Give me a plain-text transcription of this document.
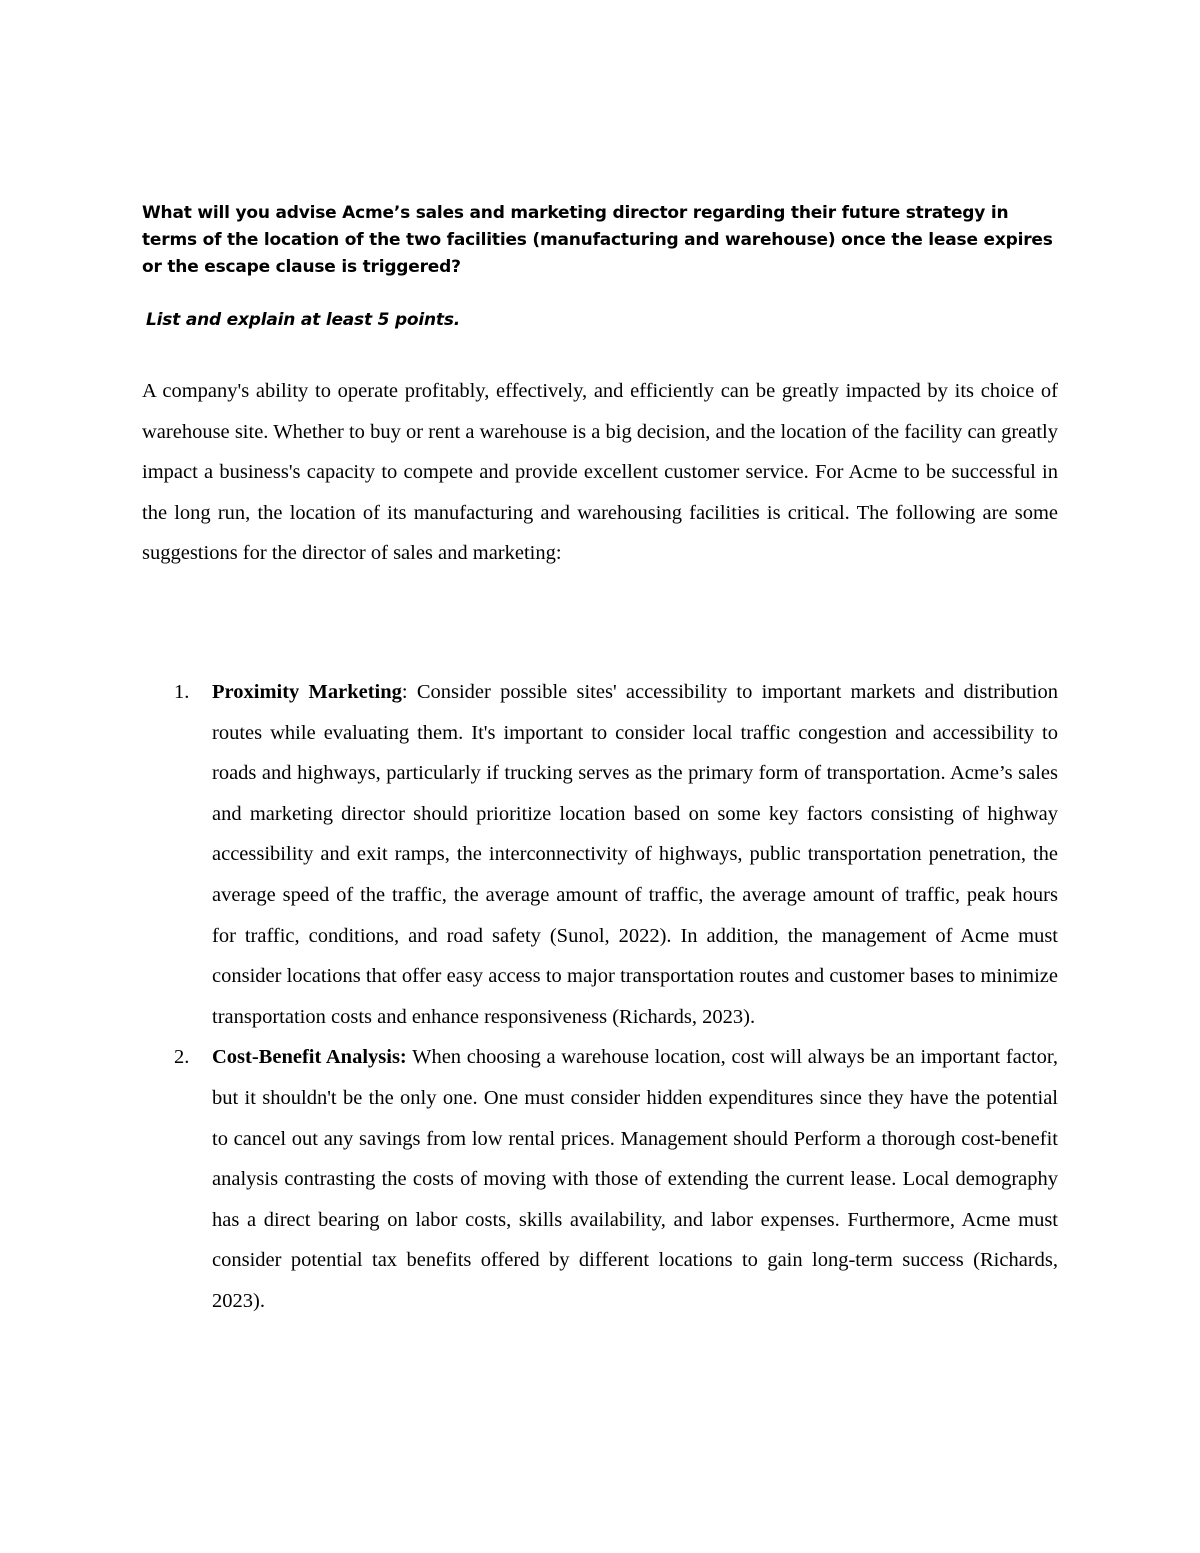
What will you advise Acme’s sales and marketing director regarding their future strategy in terms of the location of the two facilities (manufacturing and warehouse) once the lease expires or the escape clause is triggered?

List and explain at least 5 points.

A company's ability to operate profitably, effectively, and efficiently can be greatly impacted by its choice of warehouse site. Whether to buy or rent a warehouse is a big decision, and the location of the facility can greatly impact a business's capacity to compete and provide excellent customer service. For Acme to be successful in the long run, the location of its manufacturing and warehousing facilities is critical. The following are some suggestions for the director of sales and marketing:

1. Proximity Marketing: Consider possible sites' accessibility to important markets and distribution routes while evaluating them. It's important to consider local traffic congestion and accessibility to roads and highways, particularly if trucking serves as the primary form of transportation. Acme’s sales and marketing director should prioritize location based on some key factors consisting of highway accessibility and exit ramps, the interconnectivity of highways, public transportation penetration, the average speed of the traffic, the average amount of traffic, the average amount of traffic, peak hours for traffic, conditions, and road safety (Sunol, 2022). In addition, the management of Acme must consider locations that offer easy access to major transportation routes and customer bases to minimize transportation costs and enhance responsiveness (Richards, 2023).
2. Cost-Benefit Analysis: When choosing a warehouse location, cost will always be an important factor, but it shouldn't be the only one. One must consider hidden expenditures since they have the potential to cancel out any savings from low rental prices. Management should Perform a thorough cost-benefit analysis contrasting the costs of moving with those of extending the current lease. Local demography has a direct bearing on labor costs, skills availability, and labor expenses. Furthermore, Acme must consider potential tax benefits offered by different locations to gain long-term success (Richards, 2023).
